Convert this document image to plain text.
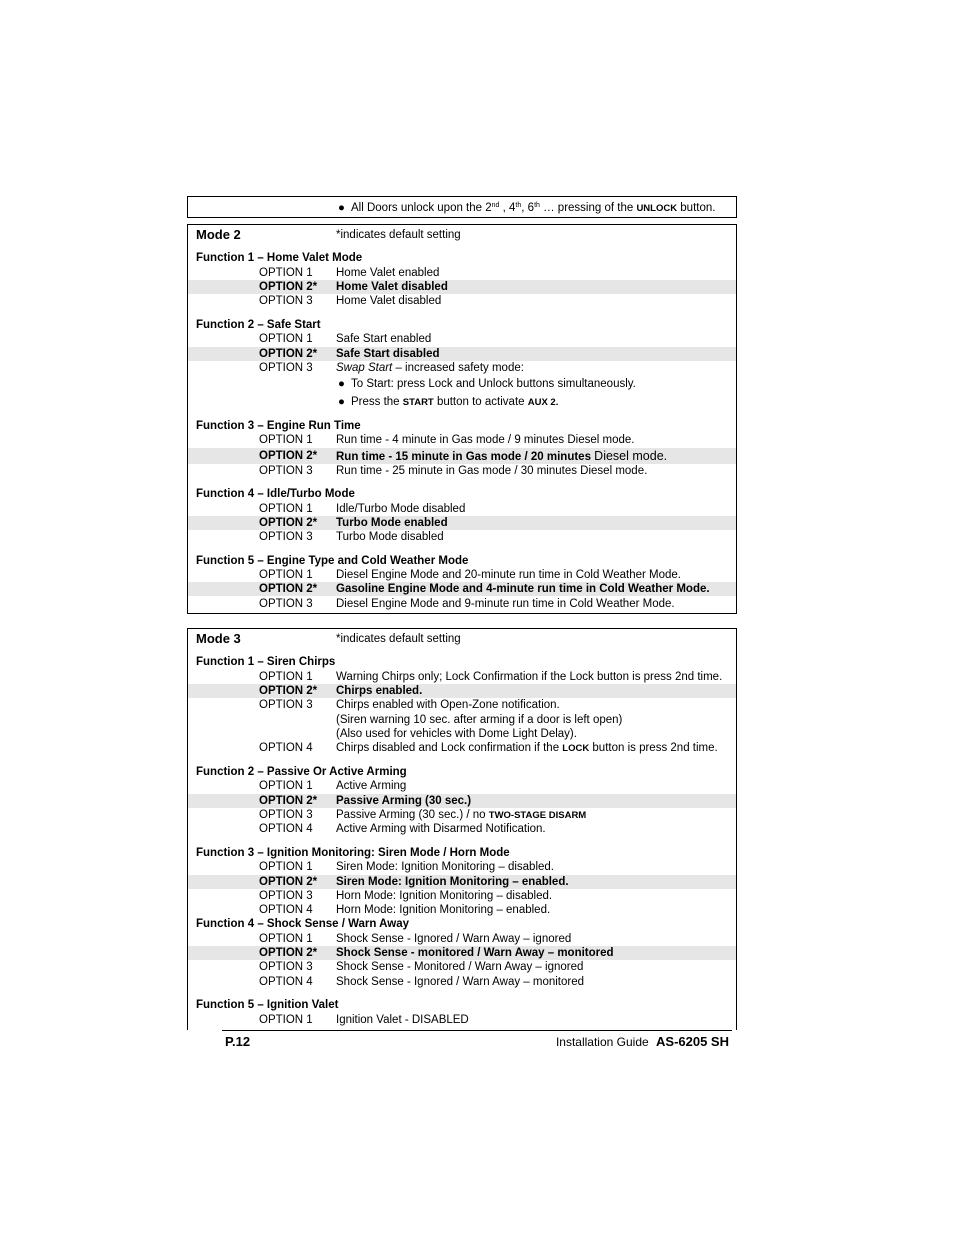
● All Doors unlock upon the 2nd , 4th, 6th … pressing of the UNLOCK button.
Mode 2	*indicates default setting
Function 1 – Home Valet Mode
OPTION 1 Home Valet enabled
OPTION 2* Home Valet disabled
OPTION 3 Home Valet disabled
Function 2 – Safe Start
OPTION 1 Safe Start enabled
OPTION 2* Safe Start disabled
OPTION 3 Swap Start – increased safety mode:
● To Start: press Lock and Unlock buttons simultaneously.
● Press the START button to activate AUX 2.
Function 3 – Engine Run Time
OPTION 1 Run time - 4 minute in Gas mode / 9 minutes Diesel mode.
OPTION 2* Run time - 15 minute in Gas mode / 20 minutes Diesel mode.
OPTION 3 Run time - 25 minute in Gas mode / 30 minutes Diesel mode.
Function 4 – Idle/Turbo Mode
OPTION 1 Idle/Turbo Mode disabled
OPTION 2* Turbo Mode enabled
OPTION 3 Turbo Mode disabled
Function 5 – Engine Type and Cold Weather Mode
OPTION 1 Diesel Engine Mode and 20-minute run time in Cold Weather Mode.
OPTION 2* Gasoline Engine Mode and 4-minute run time in Cold Weather Mode.
OPTION 3 Diesel Engine Mode and 9-minute run time in Cold Weather Mode.
Mode 3	*indicates default setting
Function 1 – Siren Chirps
OPTION 1 Warning Chirps only; Lock Confirmation if the Lock button is press 2nd time.
OPTION 2* Chirps enabled.
OPTION 3 Chirps enabled with Open-Zone notification.
(Siren warning 10 sec. after arming if a door is left open)
(Also used for vehicles with Dome Light Delay).
OPTION 4 Chirps disabled and Lock confirmation if the LOCK button is press 2nd time.
Function 2 – Passive Or Active Arming
OPTION 1 Active Arming
OPTION 2* Passive Arming (30 sec.)
OPTION 3 Passive Arming (30 sec.) / no TWO-STAGE DISARM
OPTION 4 Active Arming with Disarmed Notification.
Function 3 – Ignition Monitoring: Siren Mode / Horn Mode
OPTION 1 Siren Mode: Ignition Monitoring – disabled.
OPTION 2* Siren Mode: Ignition Monitoring – enabled.
OPTION 3 Horn Mode: Ignition Monitoring – disabled.
OPTION 4 Horn Mode: Ignition Monitoring – enabled.
Function 4 – Shock Sense / Warn Away
OPTION 1 Shock Sense - Ignored / Warn Away – ignored
OPTION 2* Shock Sense - monitored / Warn Away – monitored
OPTION 3 Shock Sense - Monitored / Warn Away – ignored
OPTION 4 Shock Sense - Ignored / Warn Away – monitored
Function 5 – Ignition Valet
OPTION 1 Ignition Valet - DISABLED
P.12	Installation Guide AS-6205 SH
